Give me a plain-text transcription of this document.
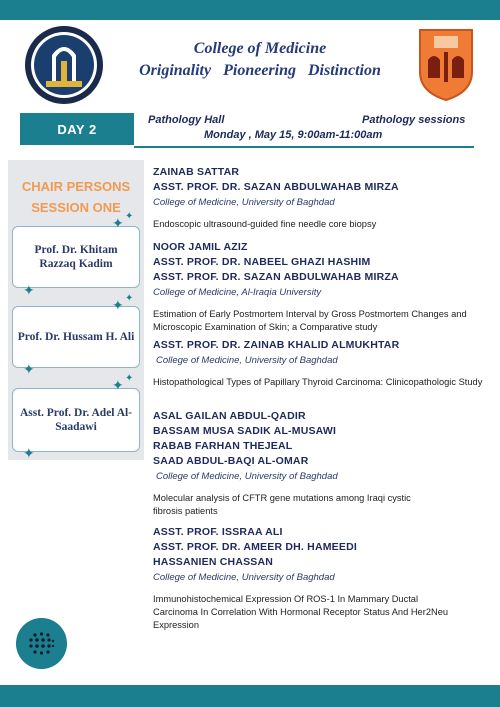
College of Medicine
Originality Pioneering Distinction
DAY 2
Pathology Hall	Pathology sessions
Monday , May 15, 9:00am-11:00am
CHAIR PERSONS
SESSION ONE
Prof. Dr. Khitam Razzaq Kadim
Prof. Dr. Hussam H. Ali
Asst. Prof. Dr. Adel Al-Saadawi
✦ ✦
✦
✦ ✦
✦
✦ ✦
✦
ZAINAB SATTAR
ASST. PROF. DR. SAZAN ABDULWAHAB MIRZA
College of Medicine, University of Baghdad
Endoscopic ultrasound-guided fine needle core biopsy
NOOR JAMIL AZIZ
ASST. PROF. DR. NABEEL GHAZI HASHIM
ASST. PROF. DR. SAZAN ABDULWAHAB MIRZA
College of Medicine, Al-Iraqia University
Estimation of Early Postmortem Interval by Gross Postmortem Changes and Microscopic Examination of Skin; a Comparative study
ASST. PROF. DR. ZAINAB KHALID ALMUKHTAR
College of Medicine, University of Baghdad
Histopathological Types of Papillary Thyroid Carcinoma: Clinicopathologic Study
ASAL GAILAN ABDUL-QADIR
BASSAM MUSA SADIK AL-MUSAWI
RABAB FARHAN THEJEAL
SAAD ABDUL-BAQI AL-OMAR
College of Medicine, University of Baghdad
Molecular analysis of CFTR gene mutations among Iraqi cystic fibrosis patients
ASST. PROF. ISSRAA ALI
ASST. PROF. DR. AMEER DH. HAMEEDI
HASSANIEN CHASSAN
College of Medicine, University of Baghdad
Immunohistochemical Expression Of ROS-1 In Mammary Ductal Carcinoma In Correlation With Hormonal Receptor Status And Her2Neu Expression
